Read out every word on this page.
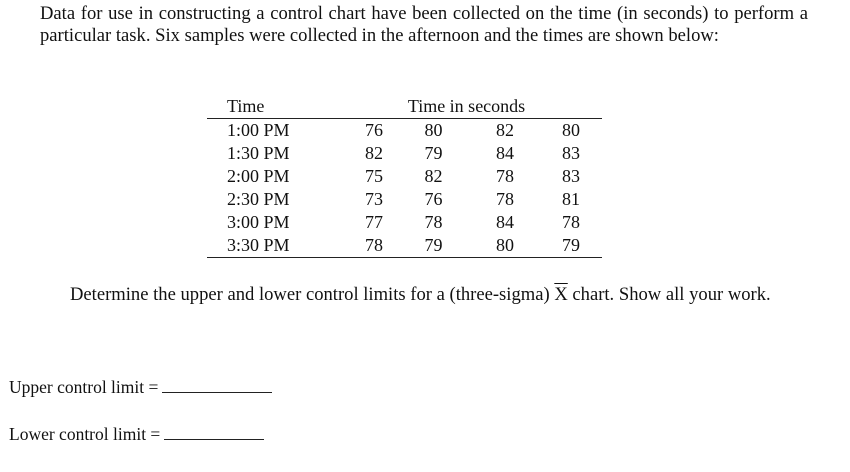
Data for use in constructing a control chart have been collected on the time (in seconds) to perform a particular task. Six samples were collected in the afternoon and the times are shown below:

Time	Time in seconds			
1:00 PM	76	80	82	80
1:30 PM	82	79	84	83
2:00 PM	75	82	78	83
2:30 PM	73	76	78	81
3:00 PM	77	78	84	78
3:30 PM	78	79	80	79

Determine the upper and lower control limits for a (three-sigma) $\overline{X}$ chart. Show all your work.

Upper control limit =
Lower control limit =
